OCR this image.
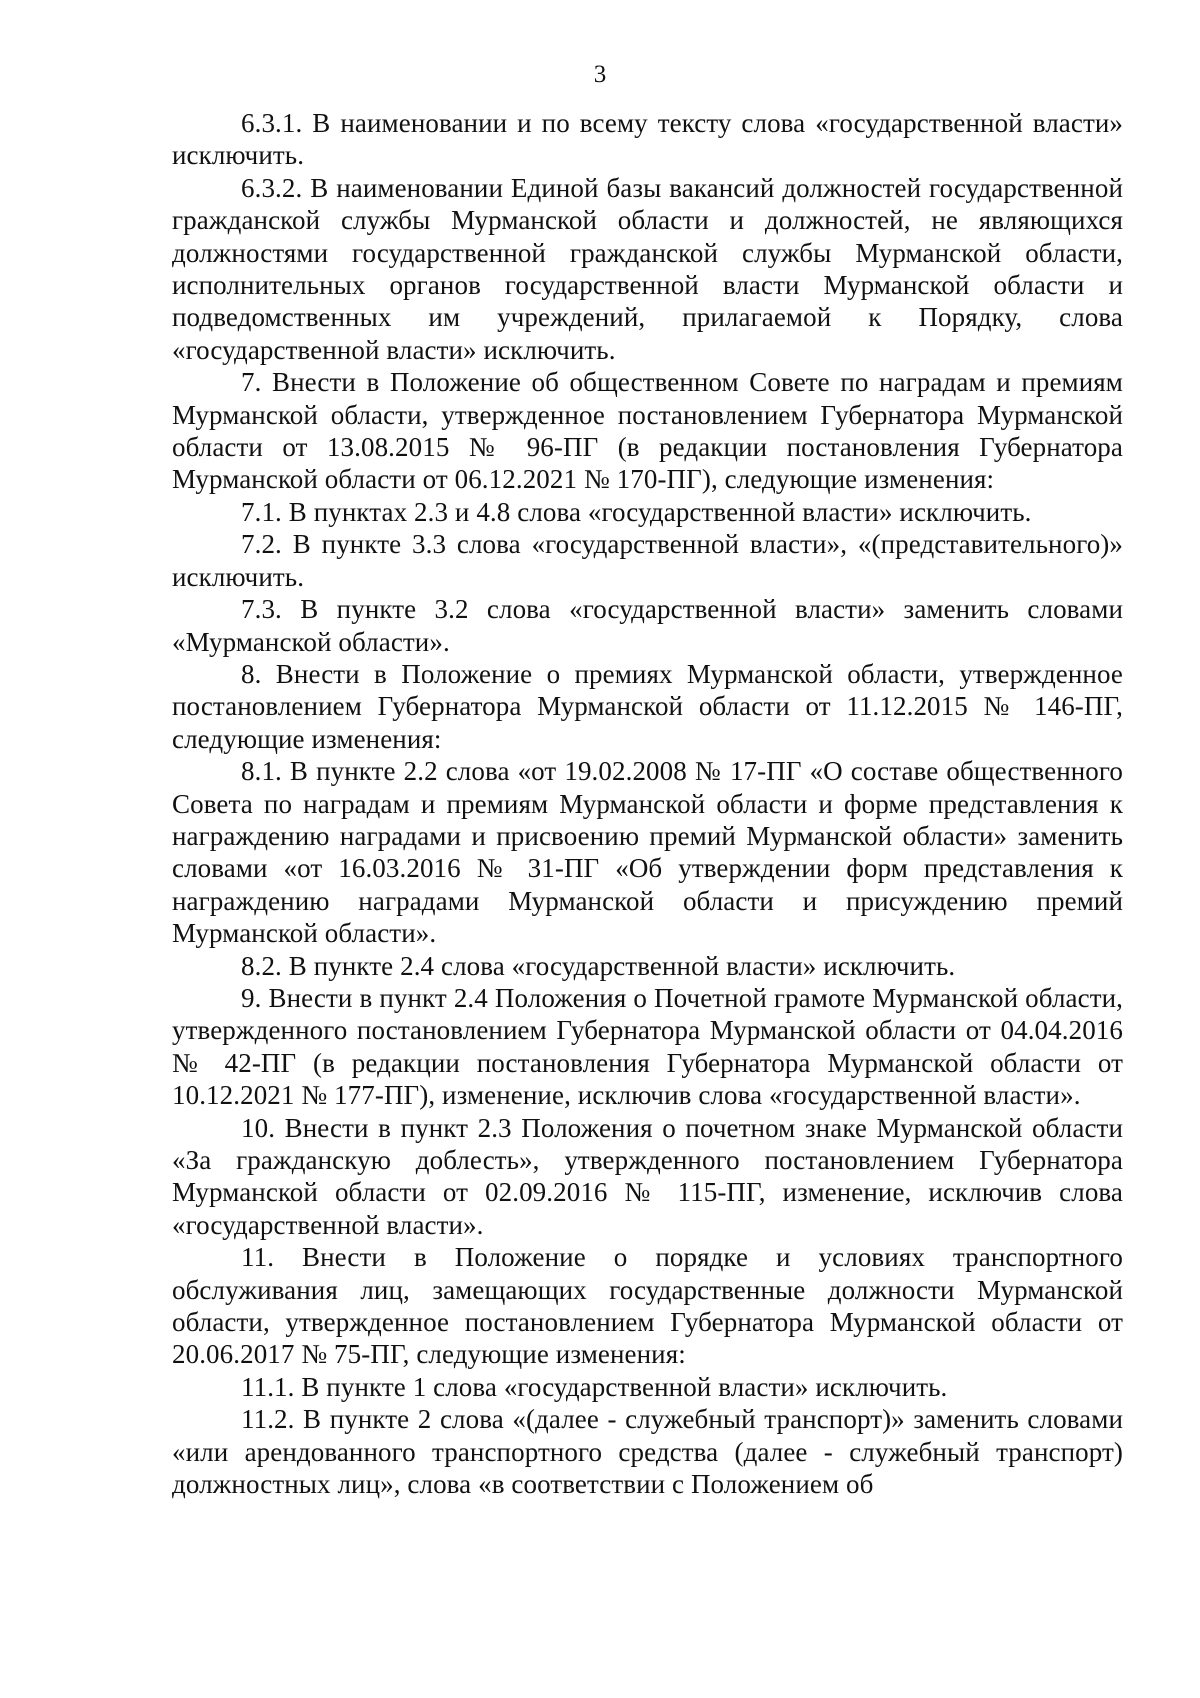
3

6.3.1. В наименовании и по всему тексту слова «государственной власти» исключить.

6.3.2. В наименовании Единой базы вакансий должностей государственной гражданской службы Мурманской области и должностей, не являющихся должностями государственной гражданской службы Мурманской области, исполнительных органов государственной власти Мурманской области и подведомственных им учреждений, прилагаемой к Порядку, слова «государственной власти» исключить.

7. Внести в Положение об общественном Совете по наградам и премиям Мурманской области, утвержденное постановлением Губернатора Мурманской области от 13.08.2015 № 96-ПГ (в редакции постановления Губернатора Мурманской области от 06.12.2021 № 170-ПГ), следующие изменения:

7.1. В пунктах 2.3 и 4.8 слова «государственной власти» исключить.

7.2. В пункте 3.3 слова «государственной власти», «(представительного)» исключить.

7.3. В пункте 3.2 слова «государственной власти» заменить словами «Мурманской области».

8. Внести в Положение о премиях Мурманской области, утвержденное постановлением Губернатора Мурманской области от 11.12.2015 № 146-ПГ, следующие изменения:

8.1. В пункте 2.2 слова «от 19.02.2008 № 17-ПГ «О составе общественного Совета по наградам и премиям Мурманской области и форме представления к награждению наградами и присвоению премий Мурманской области» заменить словами «от 16.03.2016 № 31-ПГ «Об утверждении форм представления к награждению наградами Мурманской области и присуждению премий Мурманской области».

8.2. В пункте 2.4 слова «государственной власти» исключить.

9. Внести в пункт 2.4 Положения о Почетной грамоте Мурманской области, утвержденного постановлением Губернатора Мурманской области от 04.04.2016 № 42-ПГ (в редакции постановления Губернатора Мурманской области от 10.12.2021 № 177-ПГ), изменение, исключив слова «государственной власти».

10. Внести в пункт 2.3 Положения о почетном знаке Мурманской области «За гражданскую доблесть», утвержденного постановлением Губернатора Мурманской области от 02.09.2016 № 115-ПГ, изменение, исключив слова «государственной власти».

11. Внести в Положение о порядке и условиях транспортного обслуживания лиц, замещающих государственные должности Мурманской области, утвержденное постановлением Губернатора Мурманской области от 20.06.2017 № 75-ПГ, следующие изменения:

11.1. В пункте 1 слова «государственной власти» исключить.

11.2. В пункте 2 слова «(далее - служебный транспорт)» заменить словами «или арендованного транспортного средства (далее - служебный транспорт) должностных лиц», слова «в соответствии с Положением об
